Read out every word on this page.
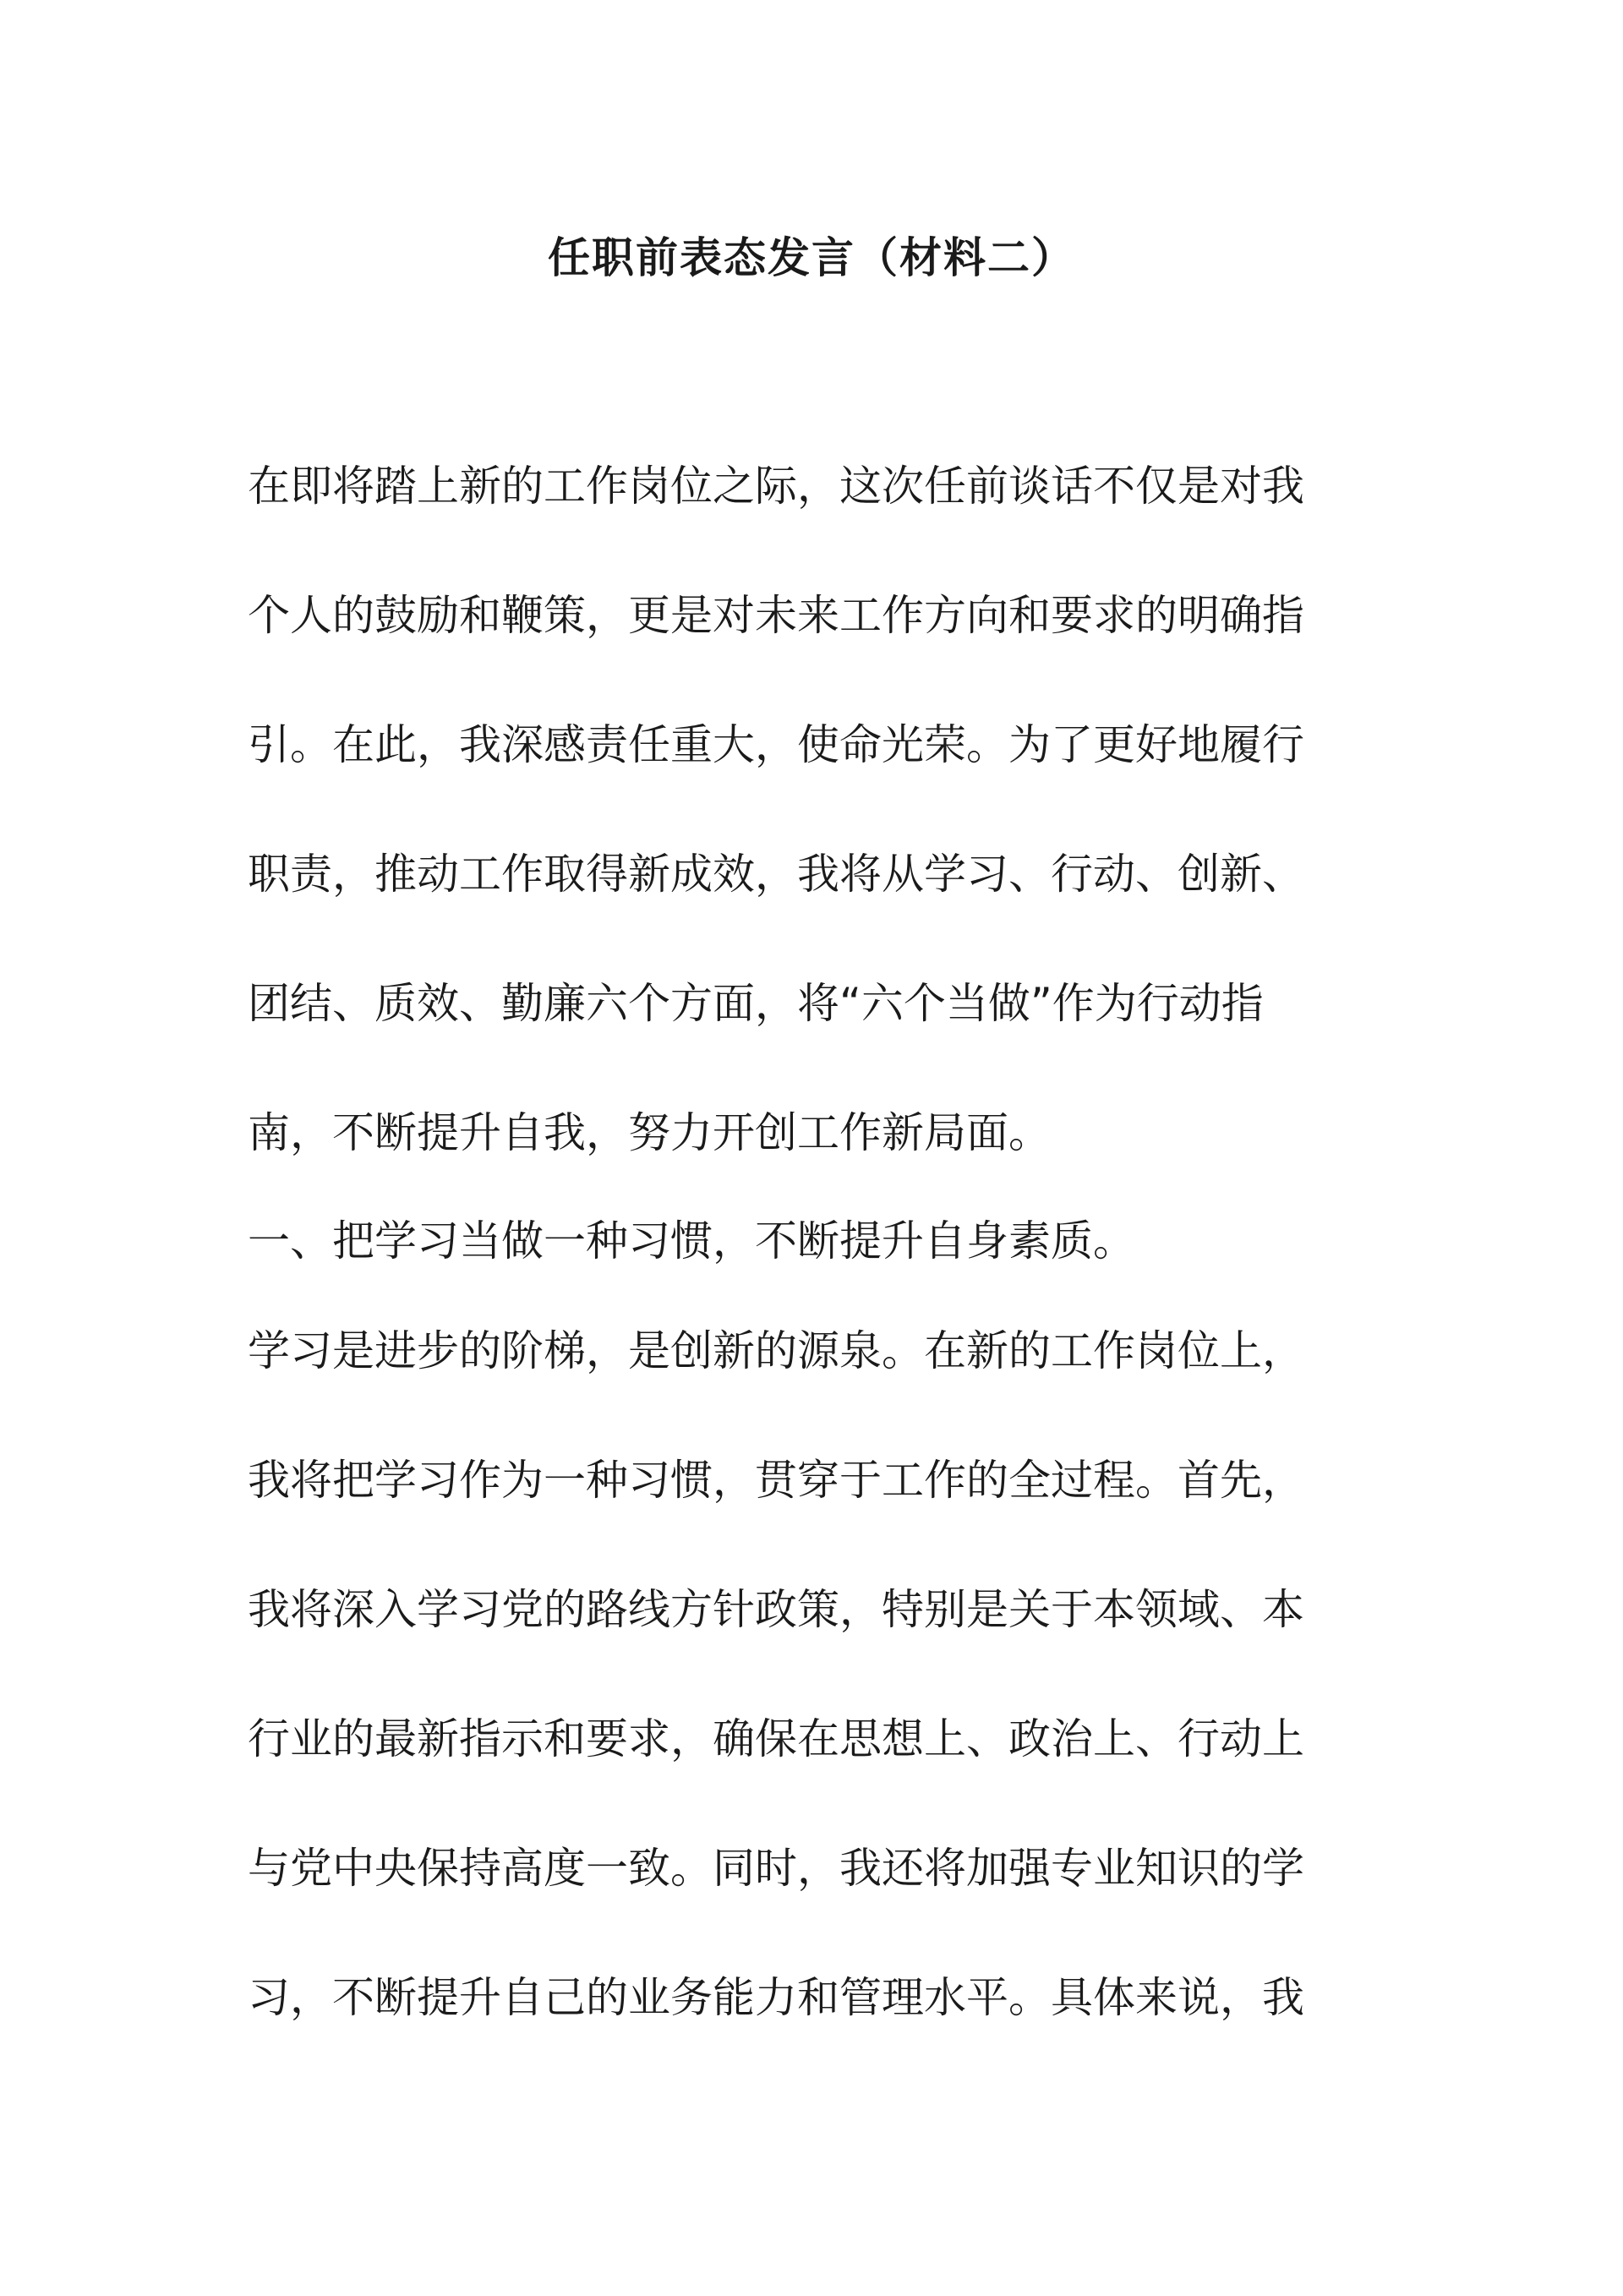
任职前表态发言（材料二）
在即将踏上新的工作岗位之际，这次任前谈话不仅是对我
个人的鼓励和鞭策，更是对未来工作方向和要求的明确指
引。在此，我深感责任重大，使命光荣。为了更好地履行
职责，推动工作取得新成效，我将从学习、行动、创新、
团结、质效、勤廉六个方面，将“六个当做”作为行动指
南，不断提升自我，努力开创工作新局面。
一、把学习当做一种习惯，不断提升自身素质。
学习是进步的阶梯，是创新的源泉。在新的工作岗位上，
我将把学习作为一种习惯，贯穿于工作的全过程。首先，
我将深入学习党的路线方针政策，特别是关于本领域、本
行业的最新指示和要求，确保在思想上、政治上、行动上
与党中央保持高度一致。同时，我还将加强专业知识的学
习，不断提升自己的业务能力和管理水平。具体来说，我
